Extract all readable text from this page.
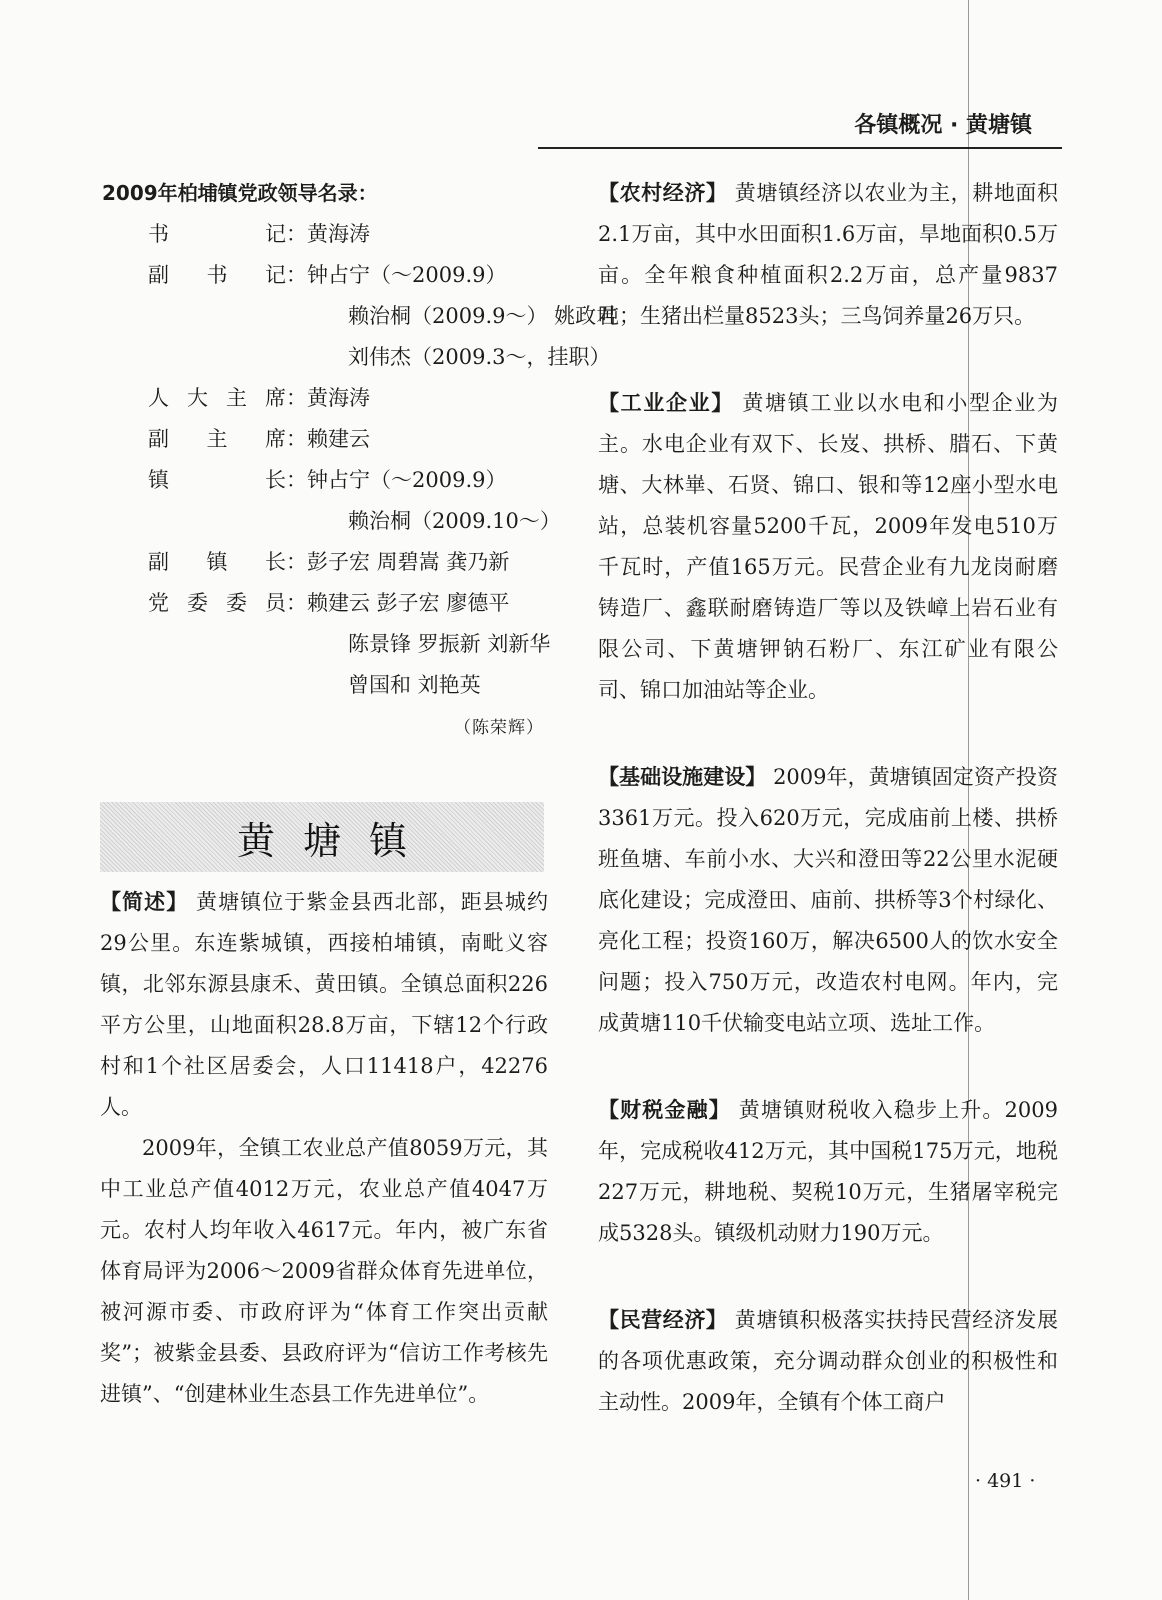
各镇概况 · 黄塘镇
2009年柏埔镇党政领导名录：
书记 ：黄海涛
副书记 ：钟占宁（～2009.9）
赖治桐（2009.9～） 姚政君
刘伟杰（2009.3～，挂职）
人大主席 ：黄海涛
副主席 ：赖建云
镇长 ：钟占宁（～2009.9）
赖治桐（2009.10～）
副镇长 ：彭子宏 周碧嵩 龚乃新
党委委员 ：赖建云 彭子宏 廖德平
陈景锋 罗振新 刘新华
曾国和 刘艳英
（陈荣辉）
黄塘镇

【简述】 黄塘镇位于紫金县西北部，距县城约29公里。东连紫城镇，西接柏埔镇，南毗义容镇，北邻东源县康禾、黄田镇。全镇总面积226平方公里，山地面积28.8万亩，下辖12个行政村和1个社区居委会，人口11418户，42276人。

2009年，全镇工农业总产值8059万元，其中工业总产值4012万元，农业总产值4047万元。农村人均年收入4617元。年内，被广东省体育局评为2006～2009省群众体育先进单位，被河源市委、市政府评为“体育工作突出贡献奖”；被紫金县委、县政府评为“信访工作考核先进镇”、“创建林业生态县工作先进单位”。

【农村经济】 黄塘镇经济以农业为主，耕地面积2.1万亩，其中水田面积1.6万亩，旱地面积0.5万亩。全年粮食种植面积2.2万亩，总产量9837吨；生猪出栏量8523头；三鸟饲养量26万只。

【工业企业】 黄塘镇工业以水电和小型企业为主。水电企业有双下、长岌、拱桥、腊石、下黄塘、大林崋、石贤、锦口、银和等12座小型水电站，总装机容量5200千瓦，2009年发电510万千瓦时，产值165万元。民营企业有九龙岗耐磨铸造厂、鑫联耐磨铸造厂等以及铁嶂上岩石业有限公司、下黄塘钾钠石粉厂、东江矿业有限公司、锦口加油站等企业。

【基础设施建设】 2009年，黄塘镇固定资产投资3361万元。投入620万元，完成庙前上楼、拱桥班鱼塘、车前小水、大兴和澄田等22公里水泥硬底化建设；完成澄田、庙前、拱桥等3个村绿化、亮化工程；投资160万，解决6500人的饮水安全问题；投入750万元，改造农村电网。年内，完成黄塘110千伏输变电站立项、选址工作。

【财税金融】 黄塘镇财税收入稳步上升。2009年，完成税收412万元，其中国税175万元，地税227万元，耕地税、契税10万元，生猪屠宰税完成5328头。镇级机动财力190万元。

【民营经济】 黄塘镇积极落实扶持民营经济发展的各项优惠政策，充分调动群众创业的积极性和主动性。2009年，全镇有个体工商户

· 491 ·
